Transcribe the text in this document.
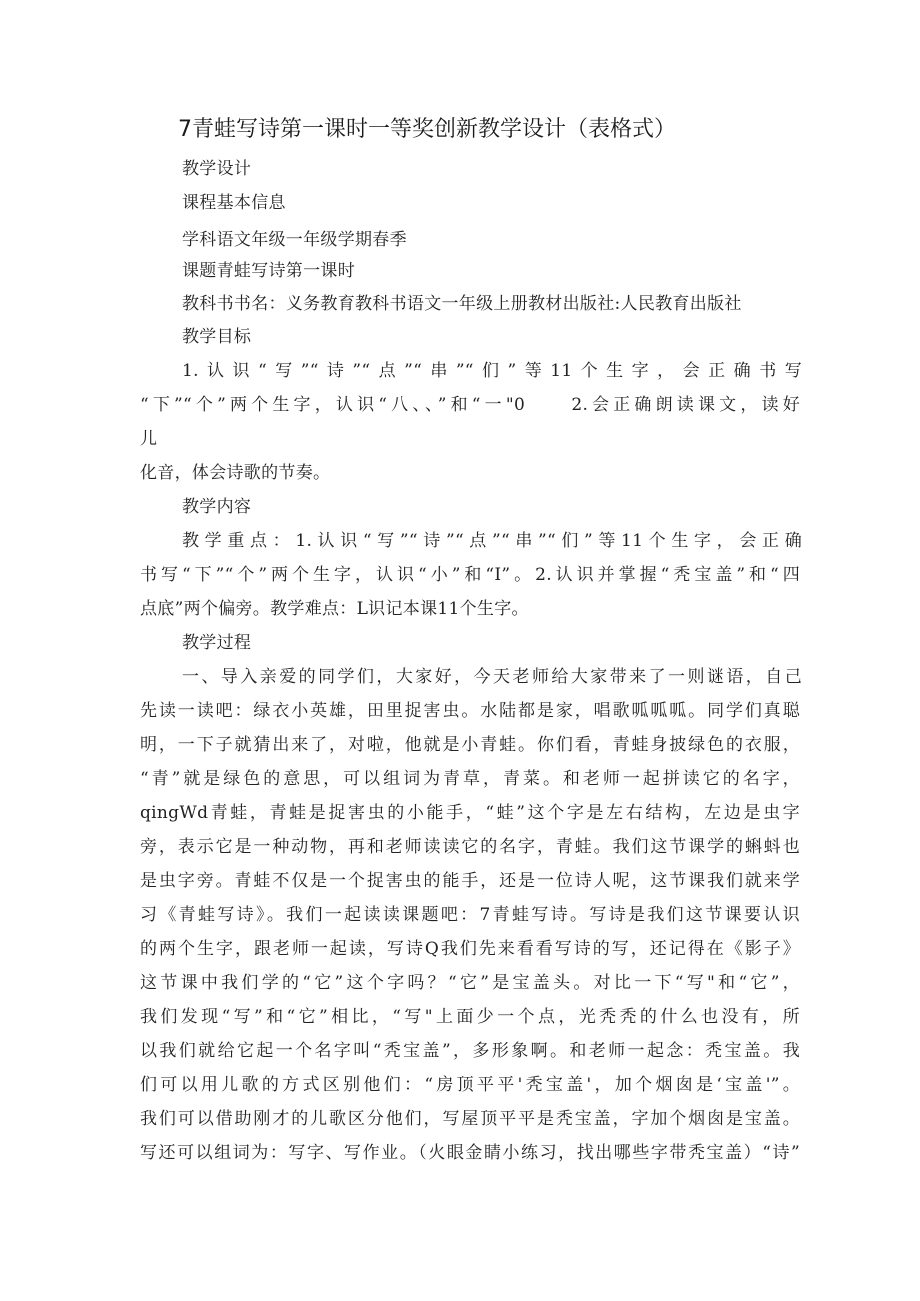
7青蛙写诗第一课时一等奖创新教学设计（表格式）
教学设计
课程基本信息
学科语文年级一年级学期春季
课题青蛙写诗第一课时
教科书书名：义务教育教科书语文一年级上册教材出版社:人民教育出版社
教学目标
1.认识“写”“诗”“点”“串”“们”等11个生字，会正确书写
“下”“个”两个生字，认识“八、、”和“一"0　　2.会正确朗读课文，读好
儿
化音，体会诗歌的节奏。
教学内容
教学重点：1.认识“写”“诗”“点”“串”“们”等11个生字，会正确
书写“下”“个”两个生字，认识“小”和“I”。2.认识并掌握“秃宝盖”和“四
点底”两个偏旁。教学难点：L识记本课11个生字。
教学过程
一、导入亲爱的同学们，大家好，今天老师给大家带来了一则谜语，自己
先读一读吧：绿衣小英雄，田里捉害虫。水陆都是家，唱歌呱呱呱。同学们真聪
明，一下子就猜出来了，对啦，他就是小青蛙。你们看，青蛙身披绿色的衣服，
“青”就是绿色的意思，可以组词为青草，青菜。和老师一起拼读它的名字，
qingWd青蛙，青蛙是捉害虫的小能手，“蛙”这个字是左右结构，左边是虫字
旁，表示它是一种动物，再和老师读读它的名字，青蛙。我们这节课学的蝌蚪也
是虫字旁。青蛙不仅是一个捉害虫的能手，还是一位诗人呢，这节课我们就来学
习《青蛙写诗》。我们一起读读课题吧：7青蛙写诗。写诗是我们这节课要认识
的两个生字，跟老师一起读，写诗Q我们先来看看写诗的写，还记得在《影子》
这节课中我们学的“它”这个字吗？“它”是宝盖头。对比一下“写"和“它”，
我们发现“写”和“它”相比，“写"上面少一个点，光秃秃的什么也没有，所
以我们就给它起一个名字叫“秃宝盖”，多形象啊。和老师一起念：秃宝盖。我
们可以用儿歌的方式区别他们：“房顶平平'秃宝盖'，加个烟囱是‘宝盖'”。
我们可以借助刚才的儿歌区分他们，写屋顶平平是秃宝盖，字加个烟囱是宝盖。
写还可以组词为：写字、写作业。（火眼金睛小练习，找出哪些字带秃宝盖）“诗”
